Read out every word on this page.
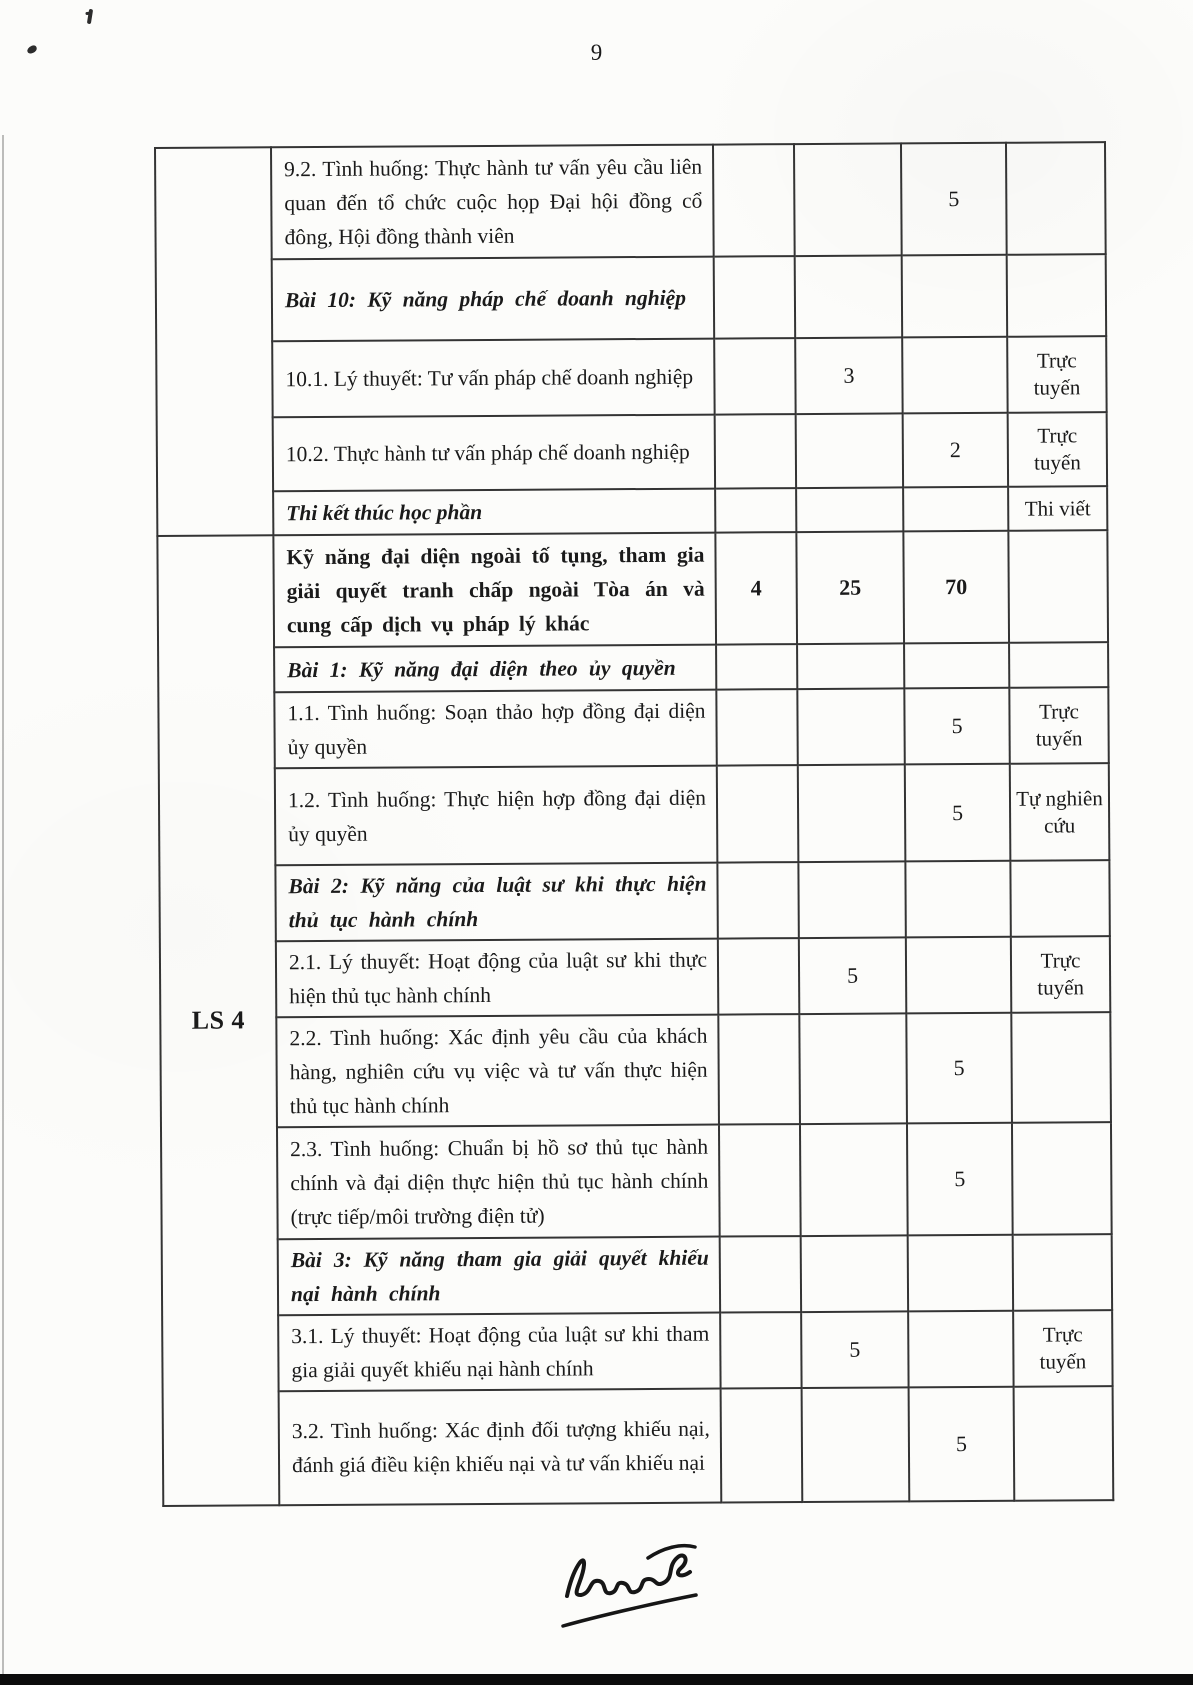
9
	9.2. Tình huống: Thực hành tư vấn yêu cầu liên quan đến tổ chức cuộc họp Đại hội đồng cổ đông, Hội đồng thành viên			5	
	Bài 10: Kỹ năng pháp chế doanh nghiệp				
	10.1. Lý thuyết: Tư vấn pháp chế doanh nghiệp		3		Trực tuyến
	10.2. Thực hành tư vấn pháp chế doanh nghiệp			2	Trực tuyến
	Thi kết thúc học phần				Thi viết
LS 4	Kỹ năng đại diện ngoài tố tụng, tham gia giải quyết tranh chấp ngoài Tòa án và cung cấp dịch vụ pháp lý khác	4	25	70	
	Bài 1: Kỹ năng đại diện theo ủy quyền				
	1.1. Tình huống: Soạn thảo hợp đồng đại diện ủy quyền			5	Trực tuyến
	1.2. Tình huống: Thực hiện hợp đồng đại diện ủy quyền			5	Tự nghiên cứu
	Bài 2: Kỹ năng của luật sư khi thực hiện thủ tục hành chính				
	2.1. Lý thuyết: Hoạt động của luật sư khi thực hiện thủ tục hành chính		5		Trực tuyến
	2.2. Tình huống: Xác định yêu cầu của khách hàng, nghiên cứu vụ việc và tư vấn thực hiện thủ tục hành chính			5	
	2.3. Tình huống: Chuẩn bị hồ sơ thủ tục hành chính và đại diện thực hiện thủ tục hành chính (trực tiếp/môi trường điện tử)			5	
	Bài 3: Kỹ năng tham gia giải quyết khiếu nại hành chính				
	3.1. Lý thuyết: Hoạt động của luật sư khi tham gia giải quyết khiếu nại hành chính		5		Trực tuyến
	3.2. Tình huống: Xác định đối tượng khiếu nại, đánh giá điều kiện khiếu nại và tư vấn khiếu nại			5	
